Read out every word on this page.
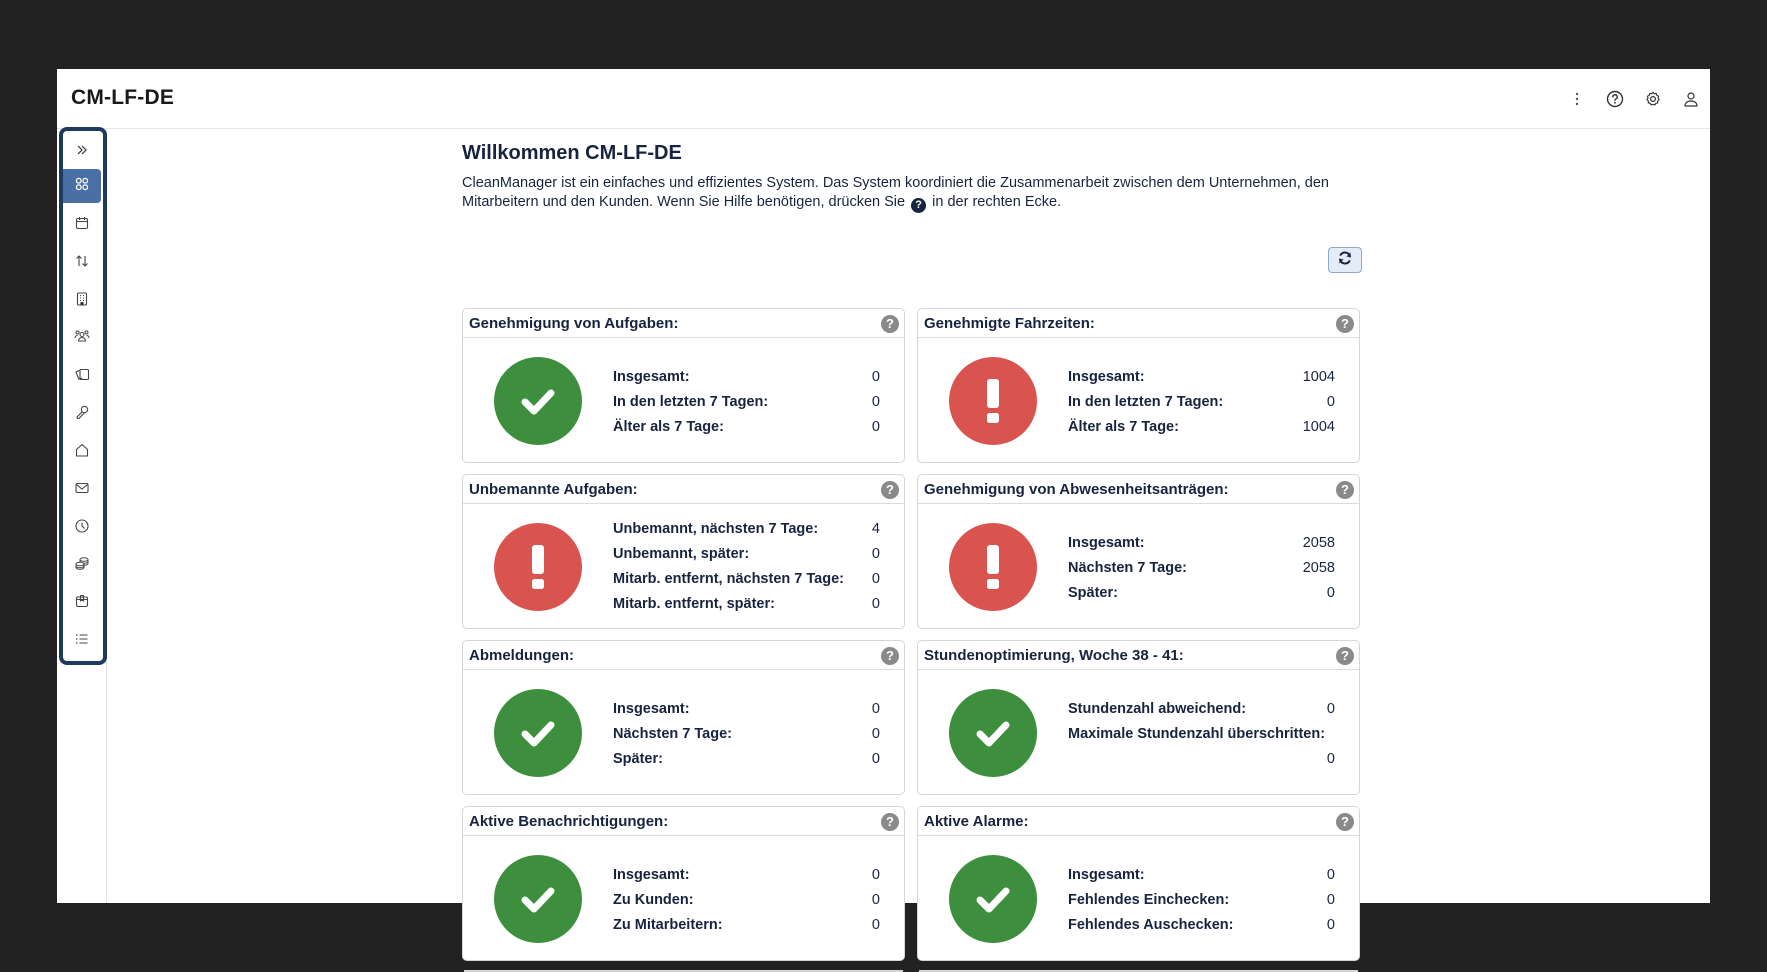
CM-LF-DE
Willkommen CM-LF-DE
CleanManager ist ein einfaches und effizientes System. Das System koordiniert die Zusammenarbeit zwischen dem Unternehmen, den Mitarbeitern und den Kunden. Wenn Sie Hilfe benötigen, drücken Sie ? in der rechten Ecke.
Genehmigung von Aufgaben:	?
Insgesamt:	0
In den letzten 7 Tagen:	0
Älter als 7 Tage:	0
Genehmigte Fahrzeiten:	?
Insgesamt:	1004
In den letzten 7 Tagen:	0
Älter als 7 Tage:	1004
Unbemannte Aufgaben:	?
Unbemannt, nächsten 7 Tage:	4
Unbemannt, später:	0
Mitarb. entfernt, nächsten 7 Tage: 0
Mitarb. entfernt, später:	0
Genehmigung von Abwesenheitsanträgen:	?
Insgesamt:	2058
Nächsten 7 Tage:	2058
Später:	0
Abmeldungen:	?
Insgesamt:	0
Nächsten 7 Tage:	0
Später:	0
Stundenoptimierung, Woche 38 - 41:	?
Stundenzahl abweichend:	0
Maximale Stundenzahl überschritten:
0
Aktive Benachrichtigungen:	?
Insgesamt:	0
Zu Kunden:	0
Zu Mitarbeitern:	0
Aktive Alarme:	?
Insgesamt:	0
Fehlendes Einchecken:	0
Fehlendes Auschecken:	0
